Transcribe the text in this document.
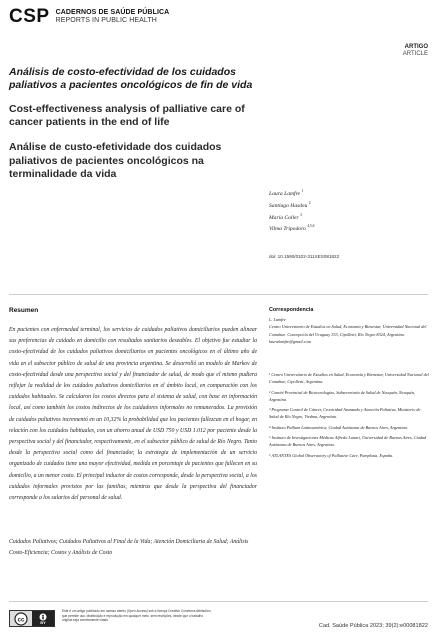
CSP CADERNOS DE SAÚDE PÚBLICA
REPORTS IN PUBLIC HEALTH
ARTIGO
ARTICLE
Análisis de costo-efectividad de los cuidados paliativos a pacientes oncológicos de fin de vida
Cost-effectiveness analysis of palliative care of cancer patients in the end of life
Análise de custo-efetividade dos cuidados paliativos de pacientes oncológicos na terminalidade da vida
Laura Lamfre $^1$
Santiago Hasdeu $^2$
María Coller $^3$
Vilma Tripodoro $^{4,5,6}$
doi: 10.1590/0102-311XES081822
Resumen

En pacientes con enfermedad terminal, los servicios de cuidados paliativos domiciliarios pueden alinear sus preferencias de cuidado en domicilio con resultados sanitarios deseables. El objetivo fue estudiar la costo-efectividad de los cuidados paliativos domiciliarios en pacientes oncológicos en el último año de vida en el subsector público de salud de una provincia argentina. Se desarrolló un modelo de Markov de costo-efectividad desde una perspectiva social y del financiador de salud, de modo que el mismo pudiera reflejar la realidad de los cuidados paliativos domiciliarios en el ámbito local, en comparación con los cuidados habituales. Se calcularon los costos directos para el sistema de salud, con base en información local, así como también los costos indirectos de los cuidadores informales no remunerados. La provisión de cuidados paliativos incrementó en un 10,32% la probabilidad que los pacientes fallezcan en el hogar, en relación con los cuidados habituales, con un ahorro anual de USD 750 y USD 1.012 por paciente desde la perspectiva social y del financiador, respectivamente, en el subsector público de salud de Río Negro. Tanto desde la perspectiva social como del financiador, la estrategia de implementación de un servicio organizado de cuidados tiene una mayor efectividad, medida en porcentaje de pacientes que fallecen en su domicilio, a un menor costo. El principal inductor de costos corresponde, desde la perspectiva social, a los cuidados informales provistos por las familias, mientras que desde la perspectiva del financiador corresponde a los salarios del personal de salud.

Cuidados Paliativos; Cuidados Paliativos al Final de la Vida; Atención Domiciliaria de Salud; Análisis Costo-Eficiencia; Costos y Análisis de Costo

Correspondencia
L. Lamfre
Centro Universitario de Estudios en Salud, Economía y Bienestar, Universidad Nacional del Comahue. Concepción del Uruguay 333, Cipolletti, Río Negro 8324, Argentina.
lauralamfre@gmail.com
¹ Centro Universitario de Estudios en Salud, Economía y Bienestar, Universidad Nacional del Comahue, Cipolletti, Argentina.
² Comité Provincial de Biotecnologías, Subsecretaría de Salud de Neuquén, Neuquén, Argentina.
³ Programa Control de Cáncer, Cronicidad Avanzada y Atención Paliativa, Ministerio de Salud de Río Negro, Viedma, Argentina.
⁴ Instituto Pallium Latinoamérica, Ciudad Autónoma de Buenos Aires, Argentina.
⁵ Instituto de Investigaciones Médicas Alfredo Lanari, Universidad de Buenos Aires, Ciudad Autónoma de Buenos Aires, Argentina.
⁶ ATLANTES Global Observatory of Palliative Care, Pamplona, España.
cc	BY
Este é um artigo publicado em acesso aberto (Open Access) sob a licença Creative Commons Attribution, que permite uso, distribuição e reprodução em qualquer meio, sem restrições, desde que o trabalho original seja corretamente citado.
Cad. Saúde Pública 2023; 39(2):e00081822
